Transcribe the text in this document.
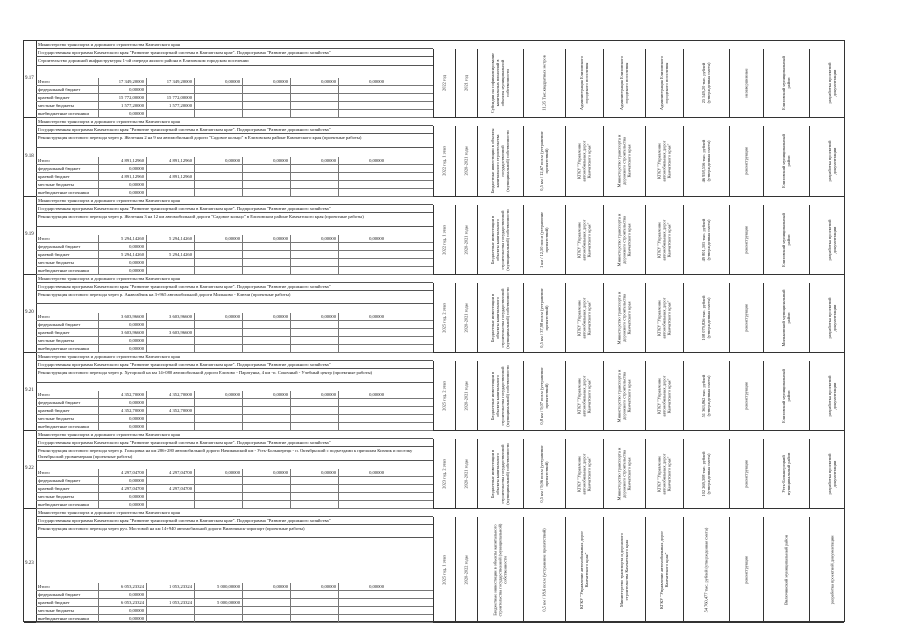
9.17
Министерство транспорта и дорожного строительства Камчатского края
Государственная программа Камчатского края "Развитие транспортной системы в Камчатском крае". Подпрограмма "Развитие дорожного хозяйства"
Строительство дорожной инфраструктуры 1-ой очереди жилого района в Елизовском городском поселении
Итого	17 349,20000	17 349,20000	0,00000	0,00000	0,00000	0,00000
федеральный бюджет	0,00000
краевой бюджет	15 772,00000	15 772,00000
местные бюджеты	1 577,20000	1 577,20000
внебюджетные источники	0,00000
2022 год	2021 год	Субсидии на софинансирование капитальных вложений в объекты муниципальной собственности	11,35 Тыс.квадратных метров	Администрация Елизовского городского поселения	Администрация Елизовского городского поселения	Администрация Елизовского городского поселения	25 549,20 тыс. рублей (утвержденная смета)	незавершенные	Елизовский муниципальный район	разработка проектной документации
9.18
Министерство транспорта и дорожного строительства Камчатского края
Государственная программа Камчатского края "Развитие транспортной системы в Камчатском крае". Подпрограмма "Развитие дорожного хозяйства"
Реконструкция мостового перехода через р. Железная 2 на 9 км автомобильной дороги "Садовое кольцо" в Елизовском районе Камчатского края (проектные работы)
Итого	4 891,12960	4 891,12960	0,00000	0,00000	0,00000	0,00000
федеральный бюджет	0,00000
краевой бюджет	4 891,12960	4 891,12960
местные бюджеты	0,00000
внебюджетные источники	0,00000
2022 год, 1 этап	2020-2021 годы	Бюджетные инвестиции в объекты капитального строительства государственной (муниципальной) собственности	0,5 км / 12,67 пог.м (устранение препятствий)	КГКУ "Управление автомобильных дорог Камчатского края"	Министерство транспорта и дорожного строительства Камчатского края	КГКУ "Управление автомобильных дорог Камчатского края"	46 958,556 тыс. рублей (утвержденная смета)	реконструкция	Елизовский муниципальный район	разработка проектной документации
9.19
Министерство транспорта и дорожного строительства Камчатского края
Государственная программа Камчатского края "Развитие транспортной системы в Камчатском крае". Подпрограмма "Развитие дорожного хозяйства"
Реконструкция мостового перехода через р. Железная 3 на 12 км автомобильной дороги "Садовое кольцо" в Елизовском районе Камчатского края (проектные работы)
Итого	5 294,14260	5 294,14260	0,00000	0,00000	0,00000	0,00000
федеральный бюджет	0,00000
краевой бюджет	5 294,14260	5 294,14260
местные бюджеты	0,00000
внебюджетные источники	0,00000
2022 год, 1 этап	2020-2021 годы	Бюджетные инвестиции в объекты капитального строительства государственной (муниципальной) собственности	1 км / 12,50 пог.м (устранение препятствий)	КГКУ "Управление автомобильных дорог Камчатского края"	Министерство транспорта и дорожного строительства Камчатского края	КГКУ "Управление автомобильных дорог Камчатского края"	49 801,305 тыс. рублей (утвержденная смета)	реконструкция	Елизовский муниципальный район	разработка проектной документации
9.20
Министерство транспорта и дорожного строительства Камчатского края
Государственная программа Камчатского края "Развитие транспортной системы в Камчатском крае". Подпрограмма "Развитие дорожного хозяйства"
Реконструкция мостового перехода через р. Анавгайчик на 3+965 автомобильной дороги Мильково - Ключи (проектные работы)
Итого	3 603,96600	3 603,96600	0,00000	0,00000	0,00000	0,00000
федеральный бюджет	0,00000
краевой бюджет	3 603,96600	3 603,96600
местные бюджеты	0,00000
внебюджетные источники	0,00000
2025 год, 2 этап	2020-2021 годы	Бюджетные инвестиции в объекты капитального строительства государственной (муниципальной) собственности	0,5 км / 37,98 пог.м (устранение препятствий)	КГКУ "Управление автомобильных дорог Камчатского края"	Министерство транспорта и дорожного строительства Камчатского края	КГКУ "Управление автомобильных дорог Камчатского края"	108 079,826 тыс. рублей (утвержденная смета)	реконструкция	Мильковский муниципальный район	разработка проектной документации
9.21
Министерство транспорта и дорожного строительства Камчатского края
Государственная программа Камчатского края "Развитие транспортной системы в Камчатском крае". Подпрограмма "Развитие дорожного хозяйства"
Реконструкция мостового перехода через р. Хуторской на км 14+080 автомобильной дороги Елизово - Паратунка, 4 км -п. Сокочный - Учебный центр (проектные работы)
Итого	4 352,70000	4 352,70000	0,00000	0,00000	0,00000	0,00000
федеральный бюджет	0,00000
краевой бюджет	4 352,70000	4 352,70000
местные бюджеты	0,00000
внебюджетные источники	0,00000
2025 год, 2 этап	2020-2021 годы	Бюджетные инвестиции в объекты капитального строительства государственной (муниципальной) собственности	0,8 км / 9,07 пог.м (устранение препятствий)	КГКУ "Управление автомобильных дорог Камчатского края"	Министерство транспорта и дорожного строительства Камчатского края	КГКУ "Управление автомобильных дорог Камчатского края"	51 363,862 тыс. рублей (утвержденная смета)	реконструкция	Елизовский муниципальный район	разработка проектной документации
9.22
Министерство транспорта и дорожного строительства Камчатского края
Государственная программа Камчатского края "Развитие транспортной системы в Камчатском крае". Подпрограмма "Развитие дорожного хозяйства"
Реконструкция мостового перехода через р. Гольцовка на км 286+280 автомобильной дороги Начикинский км - Усть-Большерецк - п. Октябрьский с подъездами к причалам Кихчик и поселку Октябрьский уровнемерная (проектные работы)
Итого	4 297,04700	4 297,04700	0,00000	0,00000	0,00000	0,00000
федеральный бюджет	0,00000
краевой бюджет	4 297,04700	4 297,04700
местные бюджеты	0,00000
внебюджетные источники	0,00000
2023 год, 2 этап	2020-2021 годы	Бюджетные инвестиции в объекты капитального строительства государственной (муниципальной) собственности	0,5 км / 9,06 пог.м (устранение препятствий)	КГКУ "Управление автомобильных дорог Камчатского края"	Министерство транспорта и дорожного строительства Камчатского края	КГКУ "Управление автомобильных дорог Камчатского края"	102 269,308 тыс. рублей (утвержденная смета)	реконструкция	Усть-Большерецкий муниципальный район	разработка проектной документации
9.23
Министерство транспорта и дорожного строительства Камчатского края
Государственная программа Камчатского края "Развитие транспортной системы в Камчатском крае". Подпрограмма "Развитие дорожного хозяйства"
Реконструкция мостового перехода через руч. Мостовой на км 14+940 автомобильной дороги Вилючинск-аэропорт (проектные работы)
Итого	6 053,23324	1 053,23324	5 000,00000	0,00000	0,00000	0,00000
федеральный бюджет	0,00000
краевой бюджет	6 053,23324	1 053,23324	5 000,00000
местные бюджеты	0,00000
внебюджетные источники	0,00000
2025 год, 1 этап	2020-2022 годы	Бюджетные инвестиции в объекты капитального строительства государственной (муниципальной) собственности	0,5 км / 18,6 пог.м (устранение препятствий)	КГКУ "Управление автомобильных дорог Камчатского края"	Министерство транспорта и дорожного строительства Камчатского края	КГКУ "Управление автомобильных дорог Камчатского края"	54 760,477 тыс. рублей (утвержденная смета)	реконструкция	Вилючинский муниципальный район	разработка проектной документации
